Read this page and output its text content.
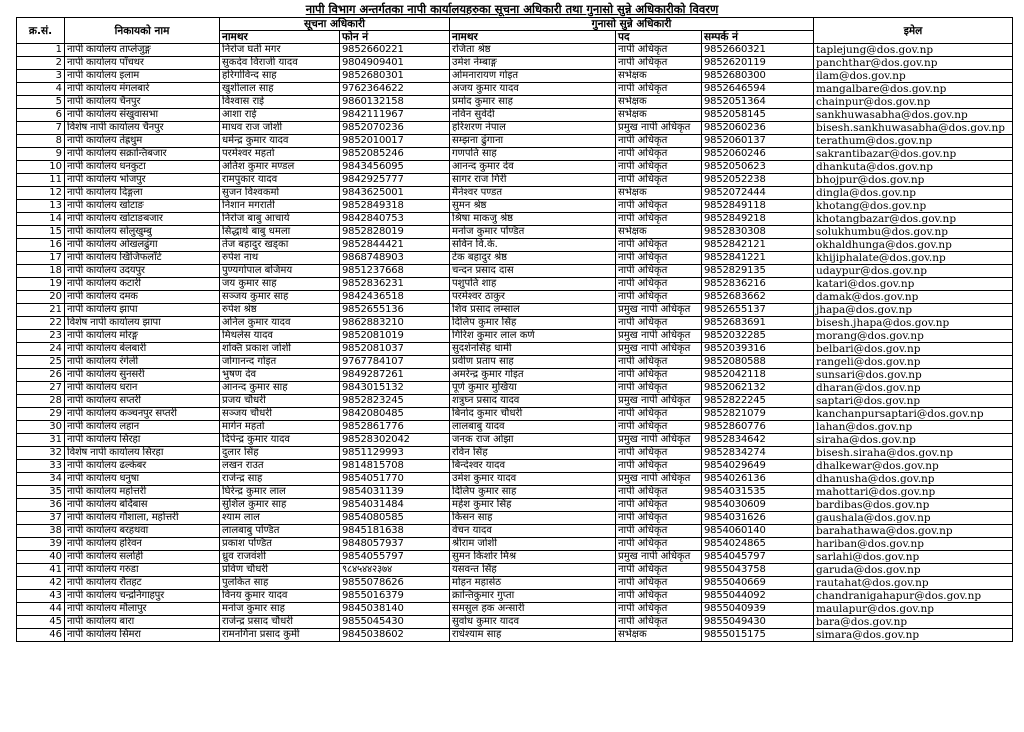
नापी विभाग अन्तर्गतका नापी कार्यालयहरुका सूचना अधिकारी तथा गुनासो सुन्ने अधिकारीको विवरण
क्र.सं.	निकायको नाम	सूचना अधिकारी		गुनासो सुन्ने अधिकारी			इमेल
		नामथर	फोन नं	नामथर	पद	सम्पर्क नं	
1	नापी कार्यालय ताप्लेजुङ्ग	निरोज घर्ती मगर	9852660221	रजिता श्रेष्ठ	नापी अधिकृत	9852660321	taplejung@dos.gov.np
2	नापी कार्यालय पाँचथर	सुकदेव विराजी यादव	9804909401	उमेश नेम्बाङ्ग	नापी अधिकृत	9852620119	panchthar@dos.gov.np
3	नापी कार्यालय इलाम	हरिगोविन्द साह	9852680301	ओमनारायण गोइत	सभेक्षक	9852680300	ilam@dos.gov.np
4	नापी कार्यालय मंगलबारे	खुशीलाल साह	9762364622	अजय कुमार यादव	नापी अधिकृत	9852646594	mangalbare@dos.gov.np
5	नापी कार्यालय चैनपुर	विश्वास राई	9860132158	प्रमोद कुमार साह	सभेक्षक	9852051364	chainpur@dos.gov.np
6	नापी कार्यालय संखुवासभा	आशा राई	9842111967	नविन सुवेदी	सभेक्षक	9852058145	sankhuwasabha@dos.gov.np
7	विशेष नापी कार्यालय चैनपुर	माधव राज जोशी	9852070236	हरिशरण नेपाल	प्रमुख नापी अधिकृत	9852060236	bisesh.sankhuwasabha@dos.gov.np
8	नापी कार्यालय तेह्रथुम	धर्मेन्द्र कुमार यादव	9852010017	सम्झना ढुंगाना	नापी अधिकृत	9852060137	terathum@dos.gov.np
9	नापी कार्यालय सक्रान्तिबजार	परमेश्वर महतो	9852085246	गणपति साह	नापी अधिकृत	9852060246	sakrantibazar@dos.gov.np
10	नापी कार्यालय धनकुटा	अतिश कुमार मण्डल	9843456095	आनन्द कुमार देव	नापी अधिकृत	9852050623	dhankuta@dos.gov.np
11	नापी कार्यालय भोजपुर	रामपुकार यादव	9842925777	सागर राज गिरी	नापी अधिकृत	9852052238	bhojpur@dos.gov.np
12	नापी कार्यालय दिङ्गला	सुजन विश्वकर्मा	9843625001	मैनेश्वर पण्डत	सभेक्षक	9852072444	dingla@dos.gov.np
13	नापी कार्यालय खोटाङ	निशान मगरार्ती	9852849318	सुमन श्रेष्ठ	नापी अधिकृत	9852849118	khotang@dos.gov.np
14	नापी कार्यालय खोटाङबजार	निरोज बाबु आचार्य	9842840753	श्रिषा माकजु श्रेष्ठ	नापी अधिकृत	9852849218	khotangbazar@dos.gov.np
15	नापी कार्यालय सोलुखुम्बु	सिद्धार्थ बाबु धमला	9852828019	मनोज कुमार पण्डित	सभेक्षक	9852830308	solukhumbu@dos.gov.np
16	नापी कार्यालय ओखलढुंगा	तेज बहादुर खड्का	9852844421	सविन वि.के.	नापी अधिकृत	9852842121	okhaldhunga@dos.gov.np
17	नापी कार्यालय खिजिफलाँटे	रुपेश नाथ	9868748903	टेक बहादुर श्रेष्ठ	नापी अधिकृत	9852841221	khijiphalate@dos.gov.np
18	नापी कार्यालय उदयपुर	पुण्यगोपाल बजिमय	9851237668	चन्दन प्रसाद दास	नापी अधिकृत	9852829135	udaypur@dos.gov.np
19	नापी कार्यालय कटारी	जय कुमार साह	9852836231	पशुपति शाह	नापी अधिकृत	9852836216	katari@dos.gov.np
20	नापी कार्यालय दमक	सञ्जय कुमार साह	9842436518	परमेश्वर ठाकुर	नापी अधिकृत	9852683662	damak@dos.gov.np
21	नापी कार्यालय झापा	रुपेश श्रेष्ठ	9852655136	शिव प्रसाद लम्साल	प्रमुख नापी अधिकृत	9852655137	jhapa@dos.gov.np
22	विशेष नापी कार्यालय झापा	अनिल कुमार यादव	9862883210	दिलिप कुमार सिंह	नापी अधिकृत	9852683691	bisesh.jhapa@dos.gov.np
23	नापी कार्यालय मोरङ्ग	मिथलेस यादव	9852081019	गिरिश कुमार लाल कर्ण	प्रमुख नापी अधिकृत	9852032285	morang@dos.gov.np
24	नापी कार्यालय बेलबारी	शक्ति प्रकाश जोशी	9852081037	सुदर्शनसिंह धामी	प्रमुख नापी अधिकृत	9852039316	belbari@dos.gov.np
25	नापी कार्यालय रंगेली	जोगानन्द गोइत	9767784107	प्रवीण प्रताप साह	नापी अधिकृत	9852080588	rangeli@dos.gov.np
26	नापी कार्यालय सुनसरी	भुषण देव	9849287261	अमरेन्द्र कुमार गोइत	नापी अधिकृत	9852042118	sunsari@dos.gov.np
27	नापी कार्यालय धरान	आनन्द कुमार साह	9843015132	पूर्ण कुमार मुखिया	नापी अधिकृत	9852062132	dharan@dos.gov.np
28	नापी कार्यालय सप्तरी	प्रजय चौधरी	9852823245	शत्रुघ्न प्रसाद यादव	प्रमुख नापी अधिकृत	9852822245	saptari@dos.gov.np
29	नापी कार्यालय कञ्चनपुर सप्तरी	सञ्जय चौधरी	9842080485	बिनोद कुमार चौधरी	नापी अधिकृत	9852821079	kanchanpursaptari@dos.gov.np
30	नापी कार्यालय लहान	मागेन महतो	9852861776	लालबाबु यादव	नापी अधिकृत	9852860776	lahan@dos.gov.np
31	नापी कार्यालय सिरहा	दिपेन्द्र कुमार यादव	98528302042	जनक राज ओझा	प्रमुख नापी अधिकृत	9852834642	siraha@dos.gov.np
32	विशेष नापी कार्यालय सिरहा	दुलार सिंह	9851129993	रविन सिंह	नापी अधिकृत	9852834274	bisesh.siraha@dos.gov.np
33	नापी कार्यालय ढल्केबर	लखन राउत	9814815708	बिन्देश्वर यादव	नापी अधिकृत	9854029649	dhalkewar@dos.gov.np
34	नापी कार्यालय धनुषा	राजेन्द्र साह	9854051770	उमेश कुमार यादव	प्रमुख नापी अधिकृत	9854026136	dhanusha@dos.gov.np
35	नापी कार्यालय महोत्तरी	घिरेन्द्र कुमार लाल	9854031139	दिलिप कुमार साह	नापी अधिकृत	9854031535	mahottari@dos.gov.np
36	नापी कार्यालय बर्दिबास	सुशिल कुमार साह	9854031484	महेश कुमार सिंह	नापी अधिकृत	9854030609	bardibas@dos.gov.np
37	नापी कार्यालय गौशाला, महोत्तरी	श्याम लाल	9854080585	किसन साह	नापी अधिकृत	9854031626	gaushala@dos.gov.np
38	नापी कार्यालय बरहथवा	लालबाबु पण्डित	9845181638	वेचन यादव	नापी अधिकृत	9854060140	barahathawa@dos.gov.np
39	नापी कार्यालय हरिवन	प्रकाश पण्डित	9848057937	श्रीराम जोशी	नापी अधिकृत	9854024865	hariban@dos.gov.np
40	नापी कार्यालय सर्लाही	ध्रुव राजवंशी	9854055797	सुमन किशोर मिश्र	प्रमुख नापी अधिकृत	9854045797	sarlahi@dos.gov.np
41	नापी कार्यालय गरुडा	प्रविण चौधरी	९८४५४४२३७४	यसवन्त सिंह	नापी अधिकृत	9855043758	garuda@dos.gov.np
42	नापी कार्यालय रौतहट	पुलकित साह	9855078626	मोहन महासेठ	नापी अधिकृत	9855040669	rautahat@dos.gov.np
43	नापी कार्यालय चन्द्रनिगाहपुर	विनय कुमार यादव	9855016379	क्रान्तिकुमार गुप्ता	नापी अधिकृत	9855044092	chandranigahapur@dos.gov.np
44	नापी कार्यालय मौलापुर	मनोज कुमार साह	9845038140	समसुल हक अन्सारी	नापी अधिकृत	9855040939	maulapur@dos.gov.np
45	नापी कार्यालय बारा	राजेन्द्र प्रसाद चौधरी	9855045430	सुवोध कुमार यादव	नापी अधिकृत	9855049430	bara@dos.gov.np
46	नापी कार्यालय सिमरा	रामनगिना प्रसाद कुर्मी	9845038602	राधेश्याम साह	सभेक्षक	9855015175	simara@dos.gov.np
